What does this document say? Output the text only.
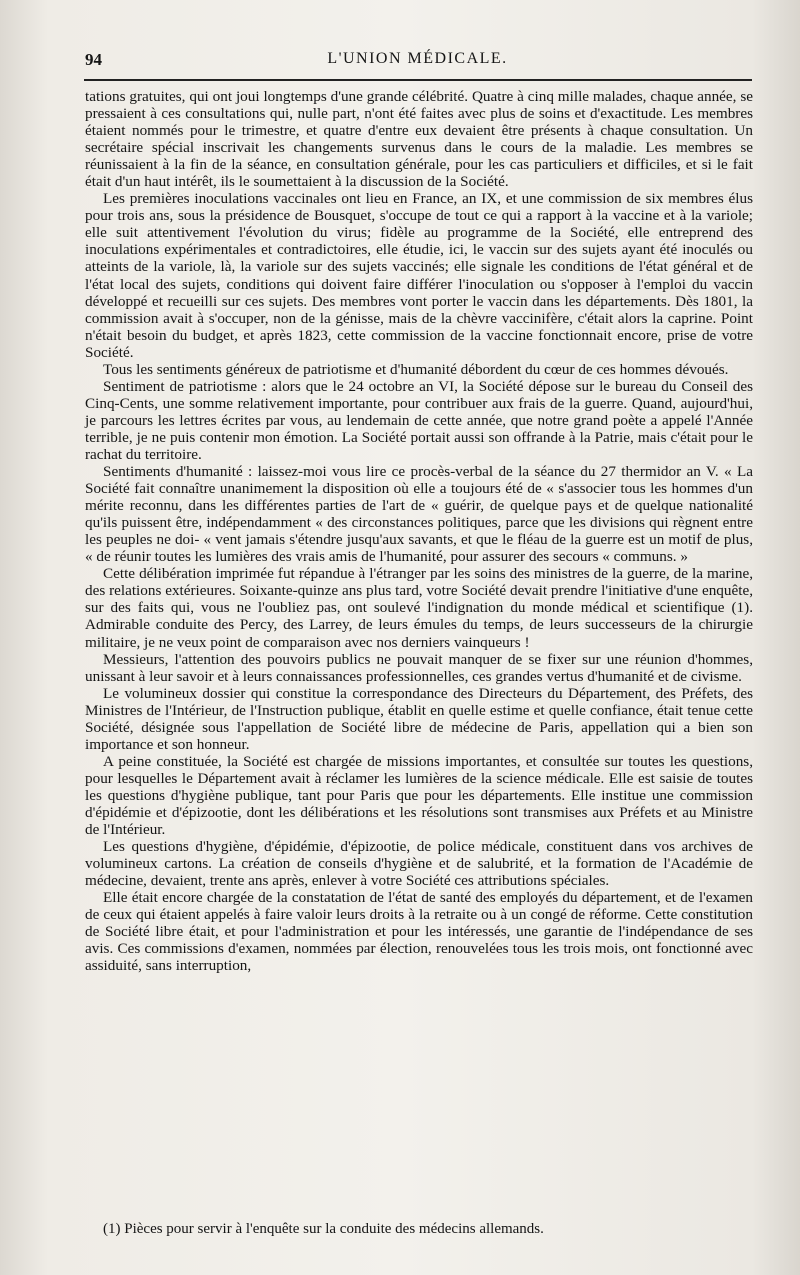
94	L'UNION MÉDICALE.

tations gratuites, qui ont joui longtemps d'une grande célébrité. Quatre à cinq mille malades, chaque année, se pressaient à ces consultations qui, nulle part, n'ont été faites avec plus de soins et d'exactitude. Les membres étaient nommés pour le trimestre, et quatre d'entre eux devaient être présents à chaque consultation. Un secrétaire spécial inscrivait les changements survenus dans le cours de la maladie. Les membres se réunissaient à la fin de la séance, en consultation générale, pour les cas particuliers et difficiles, et si le fait était d'un haut intérêt, ils le soumettaient à la discussion de la Société.

Les premières inoculations vaccinales ont lieu en France, an IX, et une commission de six membres élus pour trois ans, sous la présidence de Bousquet, s'occupe de tout ce qui a rapport à la vaccine et à la variole; elle suit attentivement l'évolution du virus; fidèle au programme de la Société, elle entreprend des inoculations expérimentales et contradictoires, elle étudie, ici, le vaccin sur des sujets ayant été inoculés ou atteints de la variole, là, la variole sur des sujets vaccinés; elle signale les conditions de l'état général et de l'état local des sujets, conditions qui doivent faire différer l'inoculation ou s'opposer à l'emploi du vaccin développé et recueilli sur ces sujets. Des membres vont porter le vaccin dans les départements. Dès 1801, la commission avait à s'occuper, non de la génisse, mais de la chèvre vaccinifère, c'était alors la caprine. Point n'était besoin du budget, et après 1823, cette commission de la vaccine fonctionnait encore, prise de votre Société.

Tous les sentiments généreux de patriotisme et d'humanité débordent du cœur de ces hommes dévoués.

Sentiment de patriotisme : alors que le 24 octobre an VI, la Société dépose sur le bureau du Conseil des Cinq-Cents, une somme relativement importante, pour contribuer aux frais de la guerre. Quand, aujourd'hui, je parcours les lettres écrites par vous, au lendemain de cette année, que notre grand poète a appelé l'Année terrible, je ne puis contenir mon émotion. La Société portait aussi son offrande à la Patrie, mais c'était pour le rachat du territoire.

Sentiments d'humanité : laissez-moi vous lire ce procès-verbal de la séance du 27 thermidor an V. « La Société fait connaître unanimement la disposition où elle a toujours été de « s'associer tous les hommes d'un mérite reconnu, dans les différentes parties de l'art de « guérir, de quelque pays et de quelque nationalité qu'ils puissent être, indépendamment « des circonstances politiques, parce que les divisions qui règnent entre les peuples ne doi- « vent jamais s'étendre jusqu'aux savants, et que le fléau de la guerre est un motif de plus, « de réunir toutes les lumières des vrais amis de l'humanité, pour assurer des secours « communs. »

Cette délibération imprimée fut répandue à l'étranger par les soins des ministres de la guerre, de la marine, des relations extérieures. Soixante-quinze ans plus tard, votre Société devait prendre l'initiative d'une enquête, sur des faits qui, vous ne l'oubliez pas, ont soulevé l'indignation du monde médical et scientifique (1). Admirable conduite des Percy, des Larrey, de leurs émules du temps, de leurs successeurs de la chirurgie militaire, je ne veux point de comparaison avec nos derniers vainqueurs !

Messieurs, l'attention des pouvoirs publics ne pouvait manquer de se fixer sur une réunion d'hommes, unissant à leur savoir et à leurs connaissances professionnelles, ces grandes vertus d'humanité et de civisme.

Le volumineux dossier qui constitue la correspondance des Directeurs du Département, des Préfets, des Ministres de l'Intérieur, de l'Instruction publique, établit en quelle estime et quelle confiance, était tenue cette Société, désignée sous l'appellation de Société libre de médecine de Paris, appellation qui a bien son importance et son honneur.

A peine constituée, la Société est chargée de missions importantes, et consultée sur toutes les questions, pour lesquelles le Département avait à réclamer les lumières de la science médicale. Elle est saisie de toutes les questions d'hygiène publique, tant pour Paris que pour les départements. Elle institue une commission d'épidémie et d'épizootie, dont les délibérations et les résolutions sont transmises aux Préfets et au Ministre de l'Intérieur.

Les questions d'hygiène, d'épidémie, d'épizootie, de police médicale, constituent dans vos archives de volumineux cartons. La création de conseils d'hygiène et de salubrité, et la formation de l'Académie de médecine, devaient, trente ans après, enlever à votre Société ces attributions spéciales.

Elle était encore chargée de la constatation de l'état de santé des employés du département, et de l'examen de ceux qui étaient appelés à faire valoir leurs droits à la retraite ou à un congé de réforme. Cette constitution de Société libre était, et pour l'administration et pour les intéressés, une garantie de l'indépendance de ses avis. Ces commissions d'examen, nommées par élection, renouvelées tous les trois mois, ont fonctionné avec assiduité, sans interruption,

(1) Pièces pour servir à l'enquête sur la conduite des médecins allemands.
